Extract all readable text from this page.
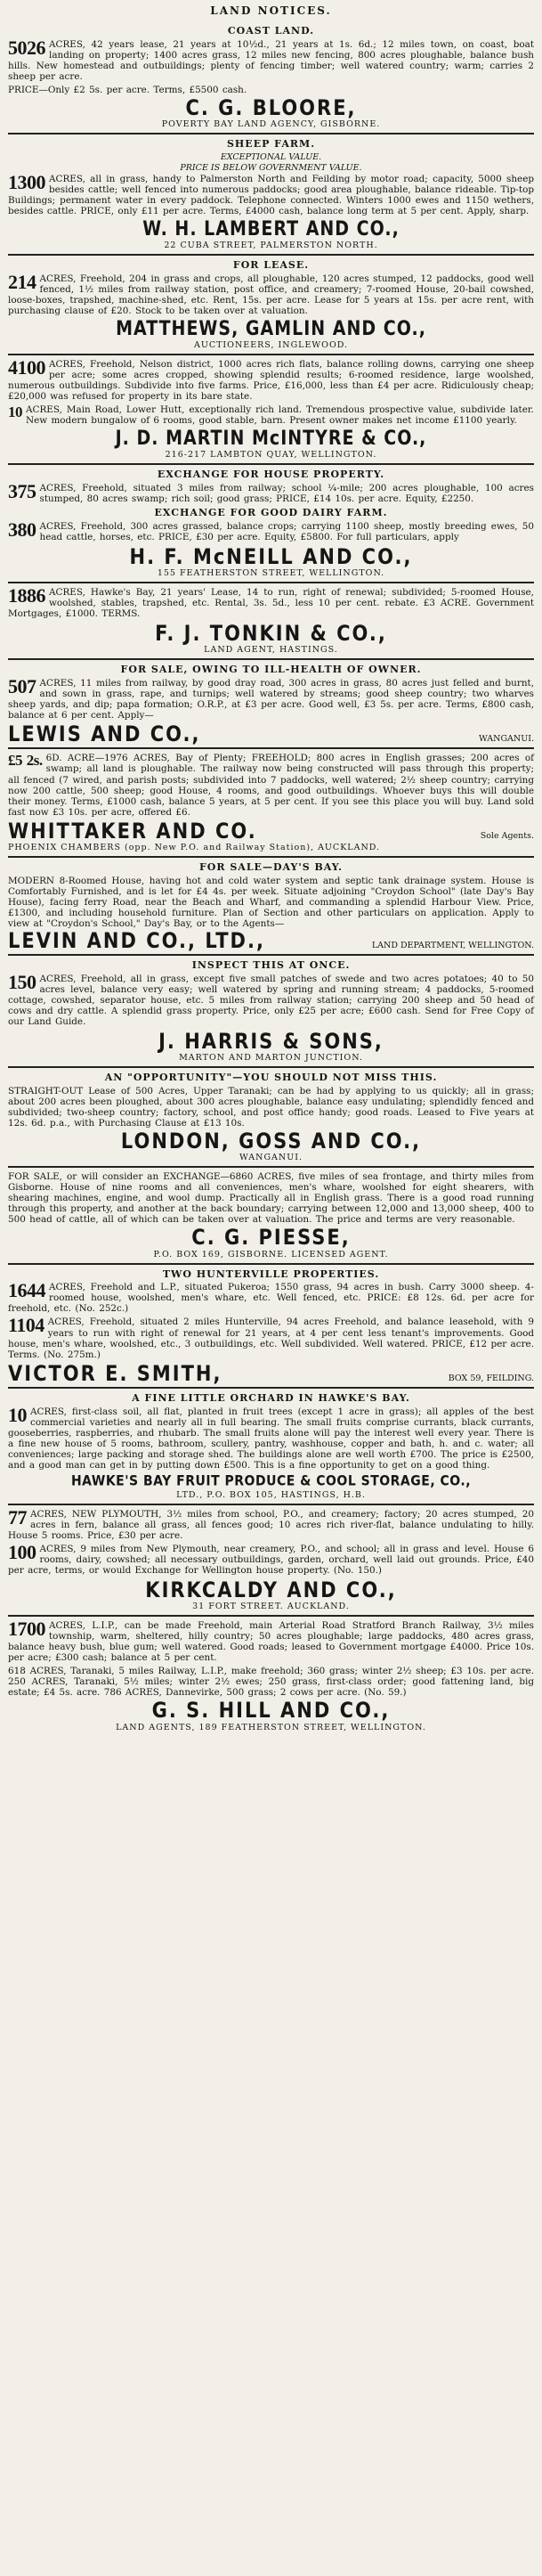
LAND NOTICES.
COAST LAND.
5026 ACRES, 42 years lease, 21 years at 10½d., 21 years at 1s. 6d.; 12 miles town, on coast, boat landing on property; 1400 acres grass, 12 miles new fencing, 800 acres ploughable, balance bush hills. New homestead and outbuildings; plenty of fencing timber; well watered country; warm; carries 2 sheep per acre.
PRICE—Only £2 5s. per acre. Terms, £5500 cash.
C. G. BLOORE,
POVERTY BAY LAND AGENCY, GISBORNE.
SHEEP FARM.
EXCEPTIONAL VALUE.
PRICE IS BELOW GOVERNMENT VALUE.
1300 ACRES, all in grass, handy to Palmerston North and Feilding by motor road; capacity, 5000 sheep besides cattle; well fenced into numerous paddocks; good area ploughable, balance rideable. Tip-top Buildings; permanent water in every paddock. Telephone connected. Winters 1000 ewes and 1150 wethers, besides cattle. PRICE, only £11 per acre. Terms, £4000 cash, balance long term at 5 per cent. Apply, sharp.
W. H. LAMBERT AND CO.,
22 CUBA STREET, PALMERSTON NORTH.
FOR LEASE.
214 ACRES, Freehold, 204 in grass and crops, all ploughable, 120 acres stumped, 12 paddocks, good well fenced, 1½ miles from railway station, post office, and creamery; 7-roomed House, 20-bail cowshed, loose-boxes, trapshed, machine-shed, etc. Rent, 15s. per acre. Lease for 5 years at 15s. per acre rent, with purchasing clause of £20. Stock to be taken over at valuation.
MATTHEWS, GAMLIN AND CO.,
AUCTIONEERS, INGLEWOOD.
4100 ACRES, Freehold, Nelson district, 1000 acres rich flats, balance rolling downs, carrying one sheep per acre; some acres cropped, showing splendid results; 6-roomed residence, large woolshed, numerous outbuildings. Subdivide into five farms. Price, £16,000, less than £4 per acre. Ridiculously cheap; £20,000 was refused for property in its bare state.
10 ACRES, Main Road, Lower Hutt, exceptionally rich land. Tremendous prospective value, subdivide later. New modern bungalow of 6 rooms, good stable, barn. Present owner makes net income £1100 yearly.
J. D. MARTIN McINTYRE & CO.,
216-217 LAMBTON QUAY, WELLINGTON.
EXCHANGE FOR HOUSE PROPERTY.
375 ACRES, Freehold, situated 3 miles from railway; school ¼-mile; 200 acres ploughable, 100 acres stumped, 80 acres swamp; rich soil; good grass; PRICE, £14 10s. per acre. Equity, £2250.
EXCHANGE FOR GOOD DAIRY FARM.
380 ACRES, Freehold, 300 acres grassed, balance crops; carrying 1100 sheep, mostly breeding ewes, 50 head cattle, horses, etc. PRICE, £30 per acre. Equity, £5800. For full particulars, apply
H. F. McNEILL AND CO.,
155 FEATHERSTON STREET, WELLINGTON.
1886 ACRES, Hawke's Bay, 21 years' Lease, 14 to run, right of renewal; subdivided; 5-roomed House, woolshed, stables, trapshed, etc. Rental, 3s. 5d., less 10 per cent. rebate. £3 ACRE. Government Mortgages, £1000. TERMS.
F. J. TONKIN & CO.,
LAND AGENT, HASTINGS.
FOR SALE, OWING TO ILL-HEALTH OF OWNER.
507 ACRES, 11 miles from railway, by good dray road, 300 acres in grass, 80 acres just felled and burnt, and sown in grass, rape, and turnips; well watered by streams; good sheep country; two wharves sheep yards, and dip; papa formation; O.R.P., at £3 per acre. Good well, £3 5s. per acre. Terms, £800 cash, balance at 6 per cent. Apply—
LEWIS AND CO.,	WANGANUI.
£5 2s. 6D. ACRE—1976 ACRES, Bay of Plenty; FREEHOLD; 800 acres in English grasses; 200 acres of swamp; all land is ploughable. The railway now being constructed will pass through this property; all fenced (7 wired, and parish posts; subdivided into 7 paddocks, well watered; 2½ sheep country; carrying now 200 cattle, 500 sheep; good House, 4 rooms, and good outbuildings. Whoever buys this will double their money. Terms, £1000 cash, balance 5 years, at 5 per cent. If you see this place you will buy. Land sold fast now £3 10s. per acre, offered £6.
WHITTAKER AND CO.	Sole Agents.
PHOENIX CHAMBERS (opp. New P.O. and Railway Station), AUCKLAND.
FOR SALE—DAY'S BAY.
MODERN 8-Roomed House, having hot and cold water system and septic tank drainage system. House is Comfortably Furnished, and is let for £4 4s. per week. Situate adjoining "Croydon School" (late Day's Bay House), facing ferry Road, near the Beach and Wharf, and commanding a splendid Harbour View. Price, £1300, and including household furniture. Plan of Section and other particulars on application. Apply to view at "Croydon's School," Day's Bay, or to the Agents—
LEVIN AND CO., LTD.,	LAND DEPARTMENT, WELLINGTON.
INSPECT THIS AT ONCE.
150 ACRES, Freehold, all in grass, except five small patches of swede and two acres potatoes; 40 to 50 acres level, balance very easy; well watered by spring and running stream; 4 paddocks, 5-roomed cottage, cowshed, separator house, etc. 5 miles from railway station; carrying 200 sheep and 50 head of cows and dry cattle. A splendid grass property. Price, only £25 per acre; £600 cash. Send for Free Copy of our Land Guide.
J. HARRIS & SONS,
MARTON AND MARTON JUNCTION.
AN "OPPORTUNITY"—YOU SHOULD NOT MISS THIS.
STRAIGHT-OUT Lease of 500 Acres, Upper Taranaki; can be had by applying to us quickly; all in grass; about 200 acres been ploughed, about 300 acres ploughable, balance easy undulating; splendidly fenced and subdivided; two-sheep country; factory, school, and post office handy; good roads. Leased to Five years at 12s. 6d. p.a., with Purchasing Clause at £13 10s.
LONDON, GOSS AND CO.,
WANGANUI.
FOR SALE, or will consider an EXCHANGE—6860 ACRES, five miles of sea frontage, and thirty miles from Gisborne. House of nine rooms and all conveniences, men's whare, woolshed for eight shearers, with shearing machines, engine, and wool dump. Practically all in English grass. There is a good road running through this property, and another at the back boundary; carrying between 12,000 and 13,000 sheep, 400 to 500 head of cattle, all of which can be taken over at valuation. The price and terms are very reasonable.
C. G. PIESSE,
P.O. BOX 169, GISBORNE. LICENSED AGENT.
TWO HUNTERVILLE PROPERTIES.
1644 ACRES, Freehold and L.P., situated Pukeroa; 1550 grass, 94 acres in bush. Carry 3000 sheep. 4-roomed house, woolshed, men's whare, etc. Well fenced, etc. PRICE: £8 12s. 6d. per acre for freehold, etc. (No. 252c.)
1104 ACRES, Freehold, situated 2 miles Hunterville, 94 acres Freehold, and balance leasehold, with 9 years to run with right of renewal for 21 years, at 4 per cent less tenant's improvements. Good house, men's whare, woolshed, etc., 3 outbuildings, etc. Well subdivided. Well watered. PRICE, £12 per acre. Terms. (No. 275m.)
VICTOR E. SMITH,	BOX 59, FEILDING.
A FINE LITTLE ORCHARD IN HAWKE'S BAY.
10 ACRES, first-class soil, all flat, planted in fruit trees (except 1 acre in grass); all apples of the best commercial varieties and nearly all in full bearing. The small fruits comprise currants, black currants, gooseberries, raspberries, and rhubarb. The small fruits alone will pay the interest well every year. There is a fine new house of 5 rooms, bathroom, scullery, pantry, washhouse, copper and bath, h. and c. water; all conveniences; large packing and storage shed. The buildings alone are well worth £700. The price is £2500, and a good man can get in by putting down £500. This is a fine opportunity to get on a good thing.
HAWKE'S BAY FRUIT PRODUCE & COOL STORAGE, CO.,
LTD., P.O. BOX 105, HASTINGS, H.B.
77 ACRES, NEW PLYMOUTH, 3½ miles from school, P.O., and creamery; factory; 20 acres stumped, 20 acres in fern, balance all grass, all fences good; 10 acres rich river-flat, balance undulating to hilly. House 5 rooms. Price, £30 per acre.
100 ACRES, 9 miles from New Plymouth, near creamery, P.O., and school; all in grass and level. House 6 rooms, dairy, cowshed; all necessary outbuildings, garden, orchard, well laid out grounds. Price, £40 per acre, terms, or would Exchange for Wellington house property. (No. 150.)
KIRKCALDY AND CO.,
31 FORT STREET. AUCKLAND.
1700 ACRES, L.I.P., can be made Freehold, main Arterial Road Stratford Branch Railway, 3½ miles township, warm, sheltered, hilly country; 50 acres ploughable; large paddocks, 480 acres grass, balance heavy bush, blue gum; well watered. Good roads; leased to Government mortgage £4000. Price 10s. per acre; £300 cash; balance at 5 per cent.
618 ACRES, Taranaki, 5 miles Railway, L.I.P., make freehold; 360 grass; winter 2½ sheep; £3 10s. per acre. 250 ACRES, Taranaki, 5½ miles; winter 2½ ewes; 250 grass, first-class order; good fattening land, big estate; £4 5s. acre. 786 ACRES, Dannevirke, 500 grass; 2 cows per acre. (No. 59.)
G. S. HILL AND CO.,
LAND AGENTS, 189 FEATHERSTON STREET, WELLINGTON.
